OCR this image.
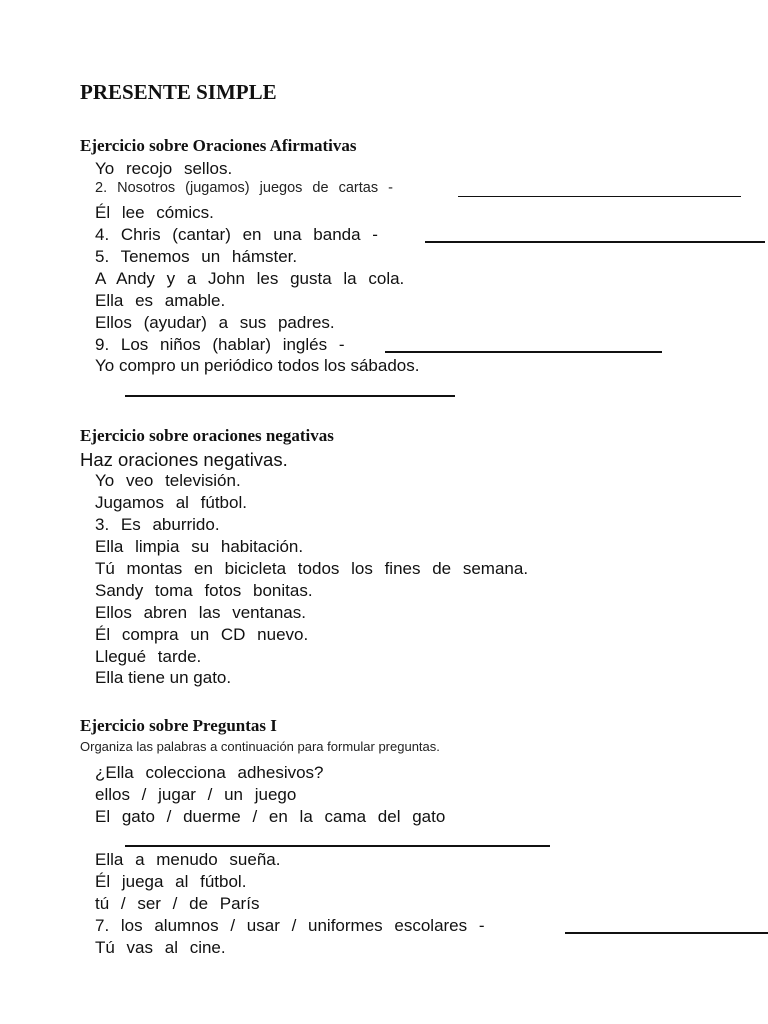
PRESENTE SIMPLE
Ejercicio sobre Oraciones Afirmativas
Yo recojo sellos.
2. Nosotros (jugamos) juegos de cartas -
Él lee cómics.
4. Chris (cantar) en una banda -
5. Tenemos un hámster.
A Andy y a John les gusta la cola.
Ella es amable.
Ellos (ayudar) a sus padres.
9. Los niños (hablar) inglés -
Yo compro un periódico todos los sábados.
Ejercicio sobre oraciones negativas
Haz oraciones negativas.
Yo veo televisión.
Jugamos al fútbol.
3. Es aburrido.
Ella limpia su habitación.
Tú montas en bicicleta todos los fines de semana.
Sandy toma fotos bonitas.
Ellos abren las ventanas.
Él compra un CD nuevo.
Llegué tarde.
Ella tiene un gato.
Ejercicio sobre Preguntas I
Organiza las palabras a continuación para formular preguntas.
¿Ella colecciona adhesivos?
ellos / jugar / un juego
El gato / duerme / en la cama del gato
Ella a menudo sueña.
Él juega al fútbol.
tú / ser / de París
7. los alumnos / usar / uniformes escolares -
Tú vas al cine.
